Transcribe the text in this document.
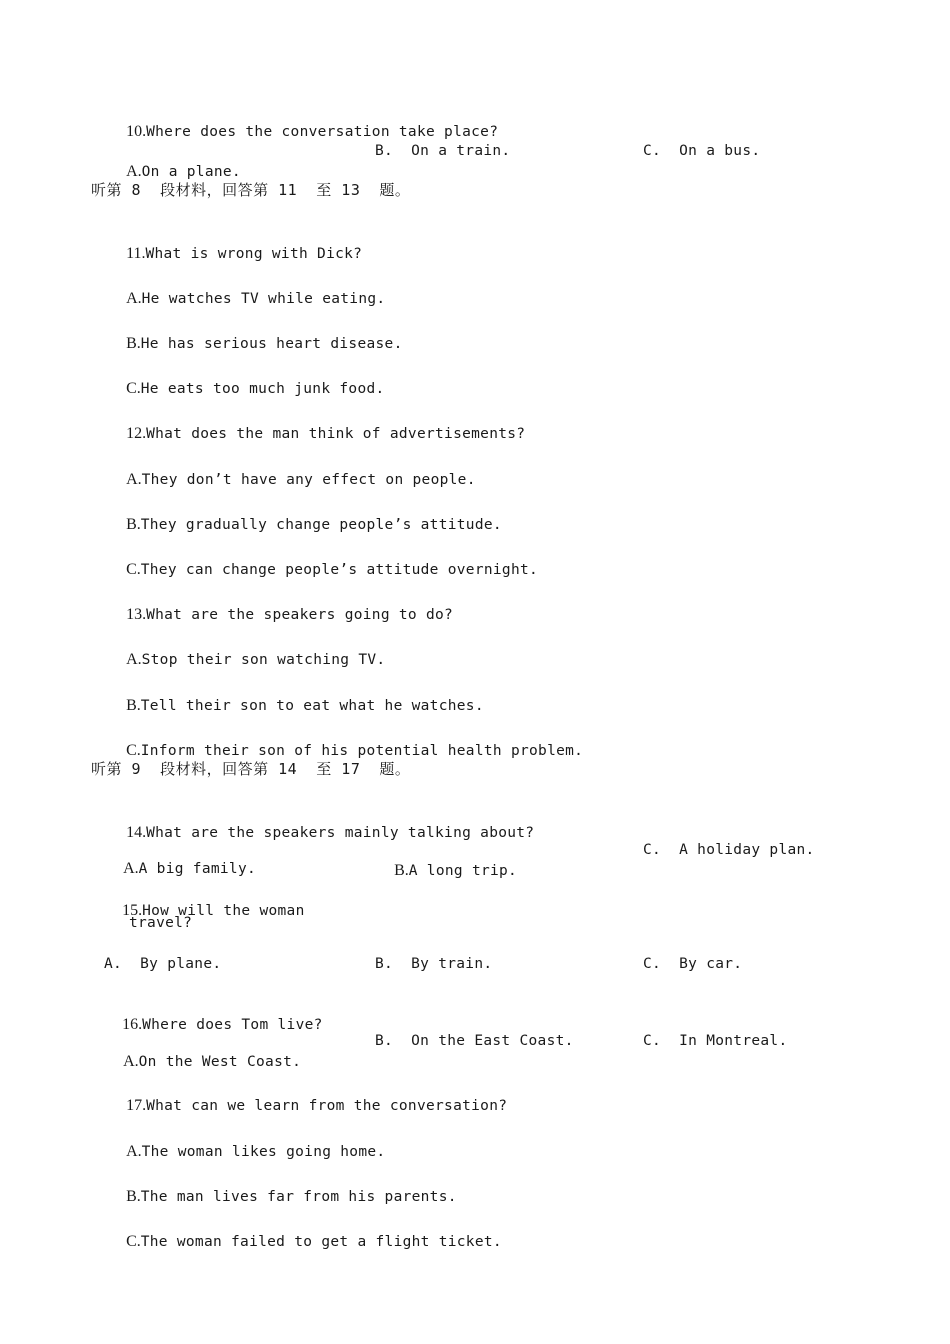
10.Where does the conversation take place?

A.On a plane.

B.  On a train.	C.  On a bus.
听第 8  段材料，回答第 11  至 13  题。

11.What is wrong with Dick?

A.He watches TV while eating.

B.He has serious heart disease.

C.He eats too much junk food.

12.What does the man think of advertisements?

A.They don’t have any effect on people.

B.They gradually change people’s attitude.

C.They can change people’s attitude overnight.

13.What are the speakers going to do?

A.Stop their son watching TV.

B.Tell their son to eat what he watches.

C.Inform their son of his potential health problem.

听第 9  段材料，回答第 14  至 17  题。

14.What are the speakers mainly talking about?

A.A big family.	B.A long trip.

C.  A holiday plan.

15.How will the woman

travel?
A.  By plane.	B.  By train.	C.  By car.

16.Where does Tom live?

A.On the West Coast.

B.  On the East Coast.	C.  In Montreal.

17.What can we learn from the conversation?

A.The woman likes going home.

B.The man lives far from his parents.

C.The woman failed to get a flight ticket.
